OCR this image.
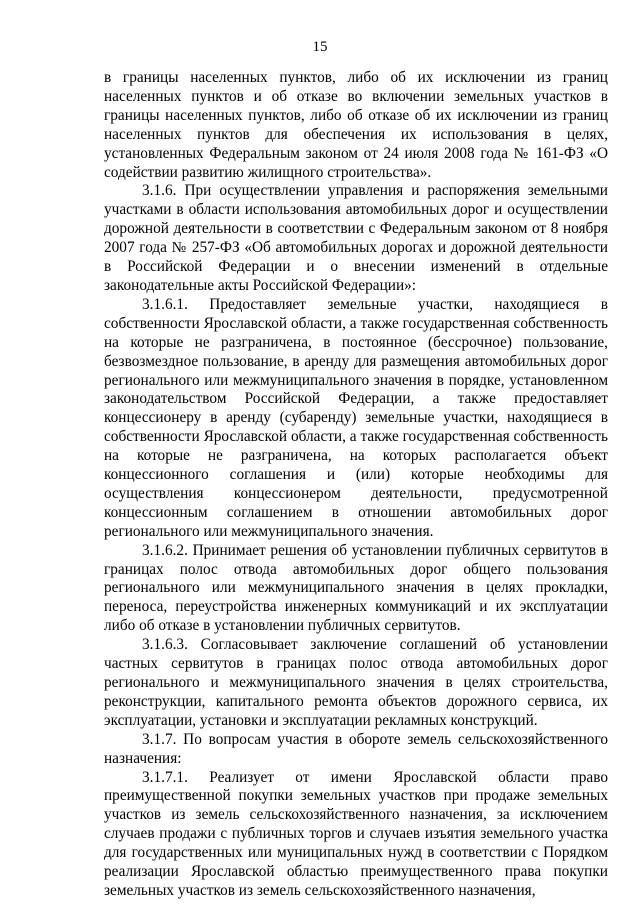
15

в границы населенных пунктов, либо об их исключении из границ населенных пунктов и об отказе во включении земельных участков в границы населенных пунктов, либо об отказе об их исключении из границ населенных пунктов для обеспечения их использования в целях, установленных Федеральным законом от 24 июля 2008 года № 161-ФЗ «О содействии развитию жилищного строительства».

3.1.6. При осуществлении управления и распоряжения земельными участками в области использования автомобильных дорог и осуществлении дорожной деятельности в соответствии с Федеральным законом от 8 ноября 2007 года № 257-ФЗ «Об автомобильных дорогах и дорожной деятельности в Российской Федерации и о внесении изменений в отдельные законодательные акты Российской Федерации»:

3.1.6.1. Предоставляет земельные участки, находящиеся в собственности Ярославской области, а также государственная собственность на которые не разграничена, в постоянное (бессрочное) пользование, безвозмездное пользование, в аренду для размещения автомобильных дорог регионального или межмуниципального значения в порядке, установленном законодательством Российской Федерации, а также предоставляет концессионеру в аренду (субаренду) земельные участки, находящиеся в собственности Ярославской области, а также государственная собственность на которые не разграничена, на которых располагается объект концессионного соглашения и (или) которые необходимы для осуществления концессионером деятельности, предусмотренной концессионным соглашением в отношении автомобильных дорог регионального или межмуниципального значения.

3.1.6.2. Принимает решения об установлении публичных сервитутов в границах полос отвода автомобильных дорог общего пользования регионального или межмуниципального значения в целях прокладки, переноса, переустройства инженерных коммуникаций и их эксплуатации либо об отказе в установлении публичных сервитутов.

3.1.6.3. Согласовывает заключение соглашений об установлении частных сервитутов в границах полос отвода автомобильных дорог регионального и межмуниципального значения в целях строительства, реконструкции, капитального ремонта объектов дорожного сервиса, их эксплуатации, установки и эксплуатации рекламных конструкций.

3.1.7. По вопросам участия в обороте земель сельскохозяйственного назначения:

3.1.7.1. Реализует от имени Ярославской области право преимущественной покупки земельных участков при продаже земельных участков из земель сельскохозяйственного назначения, за исключением случаев продажи с публичных торгов и случаев изъятия земельного участка для государственных или муниципальных нужд в соответствии с Порядком реализации Ярославской областью преимущественного права покупки земельных участков из земель сельскохозяйственного назначения,
